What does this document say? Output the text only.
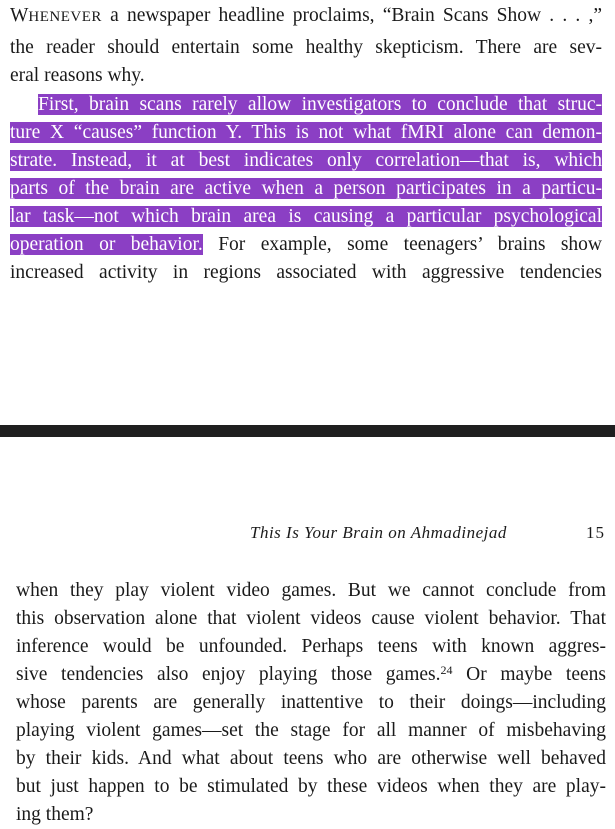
WHENEVER a newspaper headline proclaims, “Brain Scans Show . . . ,”
the reader should entertain some healthy skepticism. There are sev-
eral reasons why.
First, brain scans rarely allow investigators to conclude that struc-
ture X “causes” function Y. This is not what fMRI alone can demon-
strate. Instead, it at best indicates only correlation—that is, which
parts of the brain are active when a person participates in a particu-
lar task—not which brain area is causing a particular psychological
operation or behavior. For example, some teenagers’ brains show
increased activity in regions associated with aggressive tendencies
This Is Your Brain on Ahmadinejad	15
when they play violent video games. But we cannot conclude from
this observation alone that violent videos cause violent behavior. That
inference would be unfounded. Perhaps teens with known aggres-
sive tendencies also enjoy playing those games.$^{24}$ Or maybe teens
whose parents are generally inattentive to their doings—including
playing violent games—set the stage for all manner of misbehaving
by their kids. And what about teens who are otherwise well behaved
but just happen to be stimulated by these videos when they are play-
ing them?
